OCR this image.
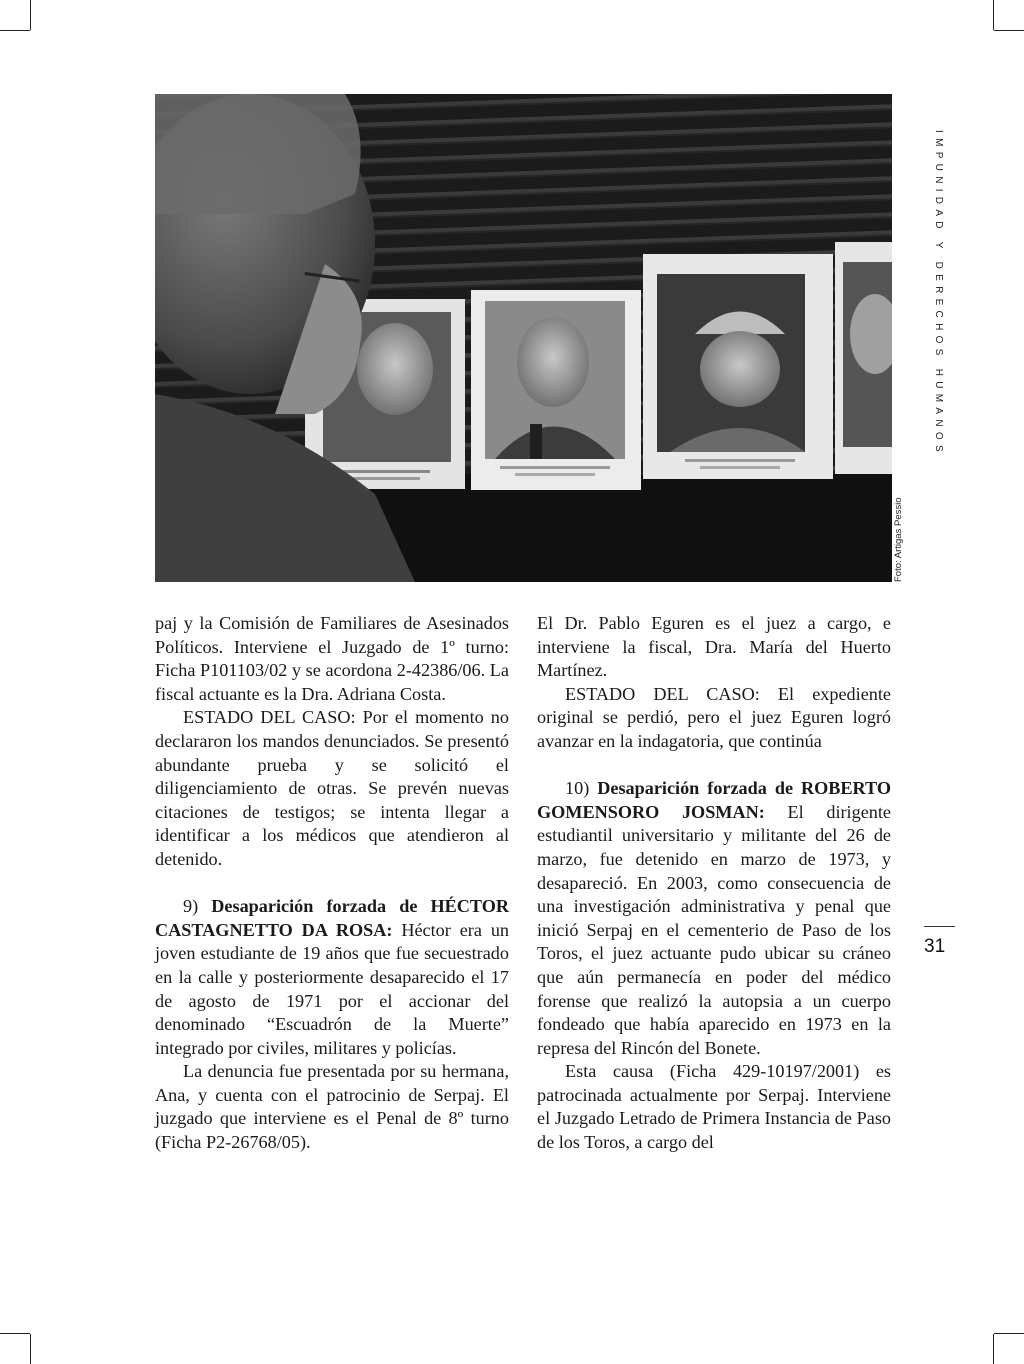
Foto: Artigas Pessio
IMPUNIDAD Y DERECHOS HUMANOS
31

paj y la Comisión de Familiares de Asesinados Políticos. Interviene el Juzgado de 1º turno: Ficha P101103/02 y se acordona 2-42386/06. La fiscal actuante es la Dra. Adriana Costa.

ESTADO DEL CASO: Por el momento no declararon los mandos denunciados. Se presentó abundante prueba y se solicitó el diligenciamiento de otras. Se prevén nuevas citaciones de testigos; se intenta llegar a identificar a los médicos que atendieron al detenido.

9) Desaparición forzada de HÉCTOR CASTAGNETTO DA ROSA: Héctor era un joven estudiante de 19 años que fue secuestrado en la calle y posteriormente desaparecido el 17 de agosto de 1971 por el accionar del denominado “Escuadrón de la Muerte” integrado por civiles, militares y policías.

La denuncia fue presentada por su hermana, Ana, y cuenta con el patrocinio de Serpaj. El juzgado que interviene es el Penal de 8º turno (Ficha P2-26768/05).

El Dr. Pablo Eguren es el juez a cargo, e interviene la fiscal, Dra. María del Huerto Martínez.

ESTADO DEL CASO: El expediente original se perdió, pero el juez Eguren logró avanzar en la indagatoria, que continúa

10) Desaparición forzada de ROBERTO GOMENSORO JOSMAN: El dirigente estudiantil universitario y militante del 26 de marzo, fue detenido en marzo de 1973, y desapareció. En 2003, como consecuencia de una investigación administrativa y penal que inició Serpaj en el cementerio de Paso de los Toros, el juez actuante pudo ubicar su cráneo que aún permanecía en poder del médico forense que realizó la autopsia a un cuerpo fondeado que había aparecido en 1973 en la represa del Rincón del Bonete.

Esta causa (Ficha 429-10197/2001) es patrocinada actualmente por Serpaj. Interviene el Juzgado Letrado de Primera Instancia de Paso de los Toros, a cargo del
